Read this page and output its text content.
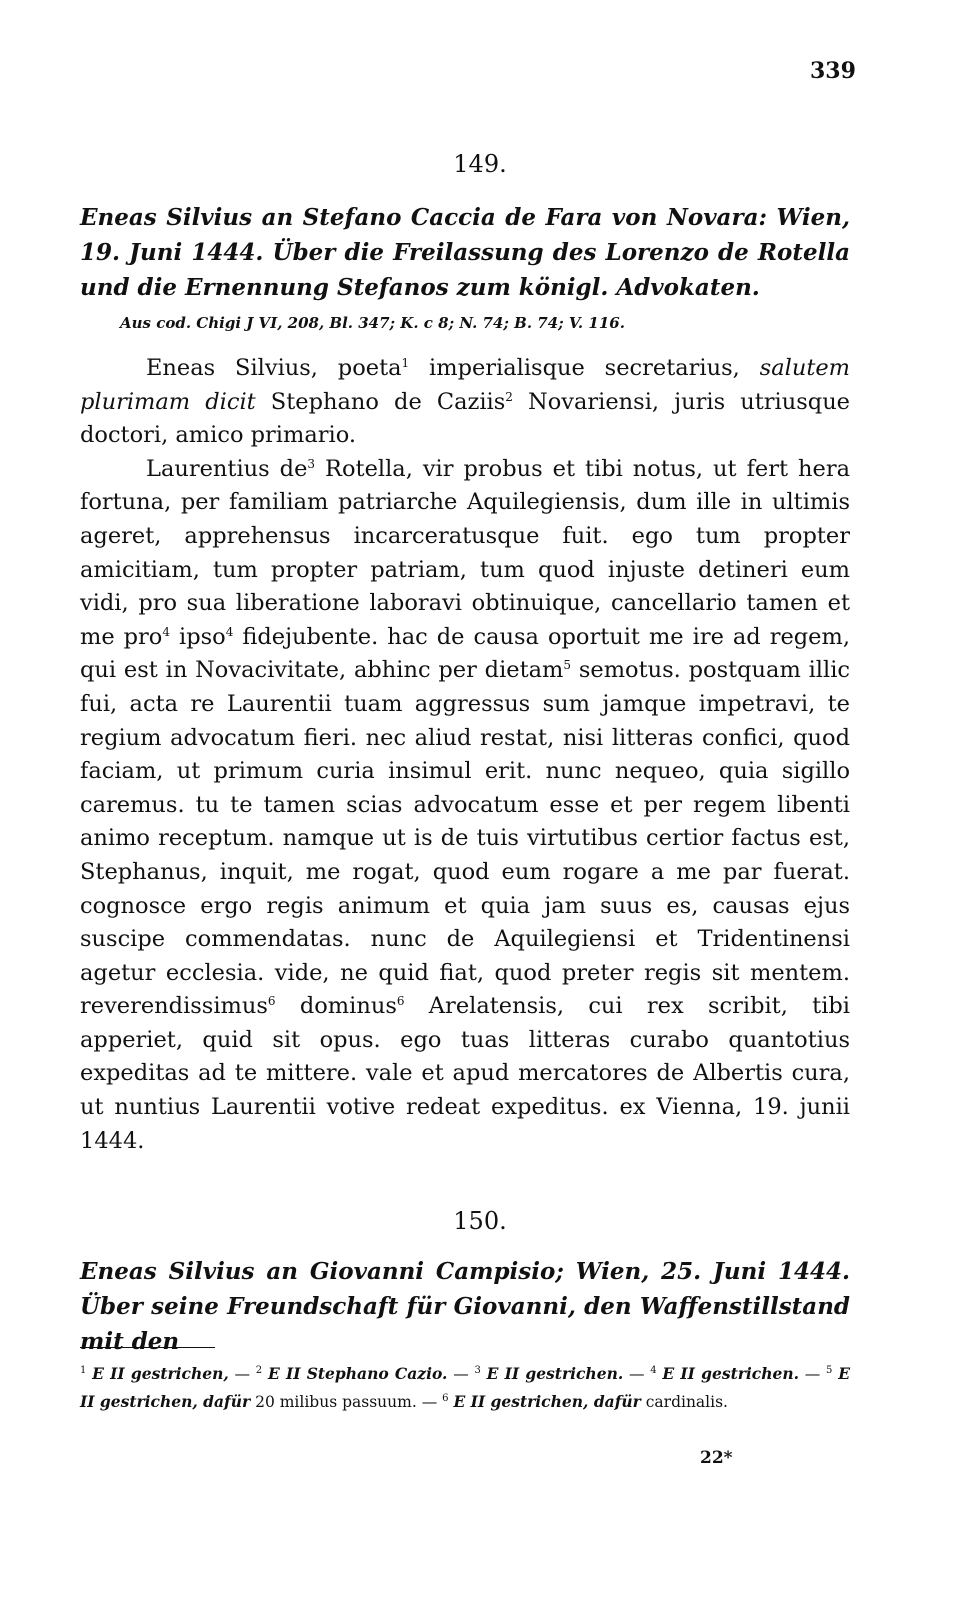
339
149.
Eneas Silvius an Stefano Caccia de Fara von Novara: Wien, 19. Juni 1444. Über die Freilassung des Lorenzo de Rotella und die Ernennung Stefanos zum königl. Advokaten.
Aus cod. Chigi J VI, 208, Bl. 347; K. c 8; N. 74; B. 74; V. 116.

Eneas Silvius, poeta$^1$ imperialisque secretarius, salutem plurimam dicit Stephano de Caziis$^2$ Novariensi, juris utriusque doctori, amico primario.

Laurentius $de^3$ Rotella, vir probus et tibi notus, ut fert hera fortuna, per familiam patriarche Aquilegiensis, dum ille in ultimis ageret, apprehensus incarceratusque fuit. ego tum propter amicitiam, tum propter patriam, tum quod injuste detineri eum vidi, pro sua liberatione laboravi obtinuique, cancellario tamen et me pro$^4$ ipso$^4$ fidejubente. hac de causa oportuit me ire ad regem, qui est in Novacivitate, abhinc per dietam$^5$ semotus. postquam illic fui, acta re Laurentii tuam aggressus sum jamque impetravi, te regium advocatum fieri. nec aliud restat, nisi litteras confici, quod faciam, ut primum curia insimul erit. nunc nequeo, quia sigillo caremus. tu te tamen scias advocatum esse et per regem libenti animo receptum. namque ut is de tuis virtutibus certior factus est, Stephanus, inquit, me rogat, quod eum rogare a me par fuerat. cognosce ergo regis animum et quia jam suus es, causas ejus suscipe commendatas. nunc de Aquilegiensi et Tridentinensi agetur ecclesia. vide, ne quid fiat, quod preter regis sit mentem. reverendissimus$^6$ dominus$^6$ Arelatensis, cui rex scribit, tibi apperiet, quid sit opus. ego tuas litteras curabo quantotius expeditas ad te mittere. vale et apud mercatores de Albertis cura, ut nuntius Laurentii votive redeat expeditus. ex Vienna, 19. junii 1444.

150.
Eneas Silvius an Giovanni Campisio; Wien, 25. Juni 1444. Über seine Freundschaft für Giovanni, den Waffenstillstand mit den
$^1$ E II gestrichen, — $^2$ E II Stephano Cazio. — $^3$ E II gestrichen. — $^4$ E II gestrichen. — $^5$ E II gestrichen, dafür 20 milibus passuum. — $^6$ E II gestrichen, dafür cardinalis.
22*
